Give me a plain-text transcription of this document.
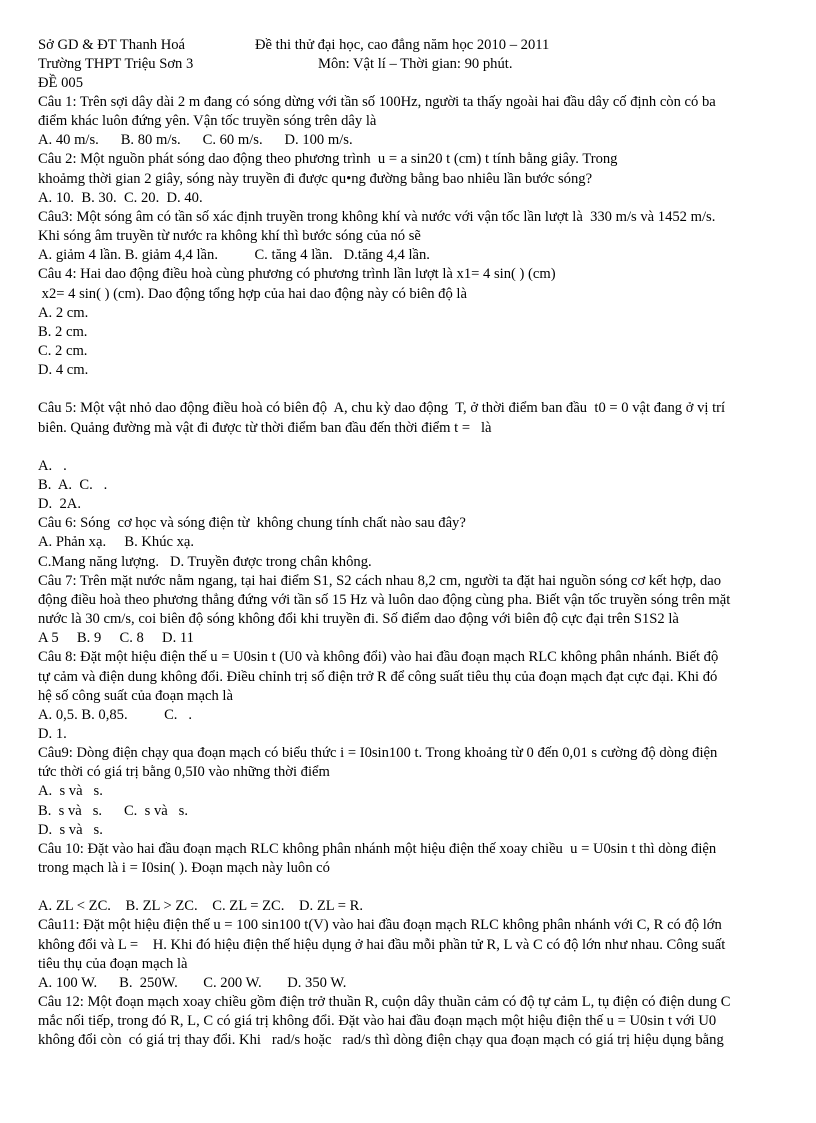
Sở GD & ĐT Thanh Hoá	Đề thi thử đại học, cao đẳng năm học 2010 – 2011
Trường THPT Triệu Sơn 3	Môn: Vật lí – Thời gian: 90 phút.
ĐỀ 005
Câu 1: Trên sợi dây dài 2 m đang có sóng dừng với tần số 100Hz, người ta thấy ngoài hai đầu dây cố định còn có ba
điểm khác luôn đứng yên. Vận tốc truyền sóng trên dây là
A. 40 m/s.      B. 80 m/s.      C. 60 m/s.      D. 100 m/s.
Câu 2: Một nguồn phát sóng dao động theo phương trình  u = a sin20 t (cm) t tính bằng giây. Trong
khoảmg thời gian 2 giây, sóng này truyền đi được qu•ng đường bằng bao nhiêu lần bước sóng?
A. 10.  B. 30.  C. 20.  D. 40.
Câu3: Một sóng âm có tần số xác định truyền trong không khí và nước với vận tốc lần lượt là  330 m/s và 1452 m/s.
Khi sóng âm truyền từ nước ra không khí thì bước sóng của nó sẽ
A. giảm 4 lần. B. giảm 4,4 lần.          C. tăng 4 lần.   D.tăng 4,4 lần.
Câu 4: Hai dao động điều hoà cùng phương có phương trình lần lượt là x1= 4 sin( ) (cm)
x2= 4 sin( ) (cm). Dao động tổng hợp của hai dao động này có biên độ là
A. 2 cm.
B. 2 cm.
C. 2 cm.
D. 4 cm.
Câu 5: Một vật nhỏ dao động điều hoà có biên độ  A, chu kỳ dao động  T, ở thời điểm ban đầu  t0 = 0 vật đang ở vị trí
biên. Quảng đường mà vật đi được từ thời điểm ban đầu đến thời điểm t =   là
A.   .
B.  A.  C.   .
D.  2A.
Câu 6: Sóng  cơ học và sóng điện từ  không chung tính chất nào sau đây?
A. Phản xạ.     B. Khúc xạ.
C.Mang năng lượng.   D. Truyền được trong chân không.
Câu 7: Trên mặt nước nằm ngang, tại hai điểm S1, S2 cách nhau 8,2 cm, người ta đặt hai nguồn sóng cơ kết hợp, dao
động điều hoà theo phương thẳng đứng với tần số 15 Hz và luôn dao động cùng pha. Biết vận tốc truyền sóng trên mặt
nước là 30 cm/s, coi biên độ sóng không đổi khi truyền đi. Số điểm dao động với biên độ cực đại trên S1S2 là
A 5     B. 9     C. 8     D. 11
Câu 8: Đặt một hiệu điện thế u = U0sin t (U0 và không đổi) vào hai đầu đoạn mạch RLC không phân nhánh. Biết độ
tự cảm và điện dung không đổi. Điều chỉnh trị số điện trở R để công suất tiêu thụ của đoạn mạch đạt cực đại. Khi đó
hệ số công suất của đoạn mạch là
A. 0,5. B. 0,85.          C.   .
D. 1.
Câu9: Dòng điện chạy qua đoạn mạch có biểu thức i = I0sin100 t. Trong khoảng từ 0 đến 0,01 s cường độ dòng điện
tức thời có giá trị bằng 0,5I0 vào những thời điểm
A.  s và   s.
B.  s và   s.      C.  s và   s.
D.  s và   s.
Câu 10: Đặt vào hai đầu đoạn mạch RLC không phân nhánh một hiệu điện thế xoay chiều  u = U0sin t thì dòng điện
trong mạch là i = I0sin( ). Đoạn mạch này luôn có
A. ZL < ZC.    B. ZL > ZC.    C. ZL = ZC.    D. ZL = R.
Câu11: Đặt một hiệu điện thế u = 100 sin100 t(V) vào hai đầu đoạn mạch RLC không phân nhánh với C, R có độ lớn
không đổi và L =    H. Khi đó hiệu điện thế hiệu dụng ở hai đầu mỗi phần tử R, L và C có độ lớn như nhau. Công suất
tiêu thụ của đoạn mạch là
A. 100 W.      B.  250W.       C. 200 W.       D. 350 W.
Câu 12: Một đoạn mạch xoay chiều gồm điện trở thuần R, cuộn dây thuần cảm có độ tự cảm L, tụ điện có điện dung C
mắc nối tiếp, trong đó R, L, C có giá trị không đổi. Đặt vào hai đầu đoạn mạch một hiệu điện thế u = U0sin t với U0
không đổi còn  có giá trị thay đổi. Khi   rad/s hoặc   rad/s thì dòng điện chạy qua đoạn mạch có giá trị hiệu dụng bằng
